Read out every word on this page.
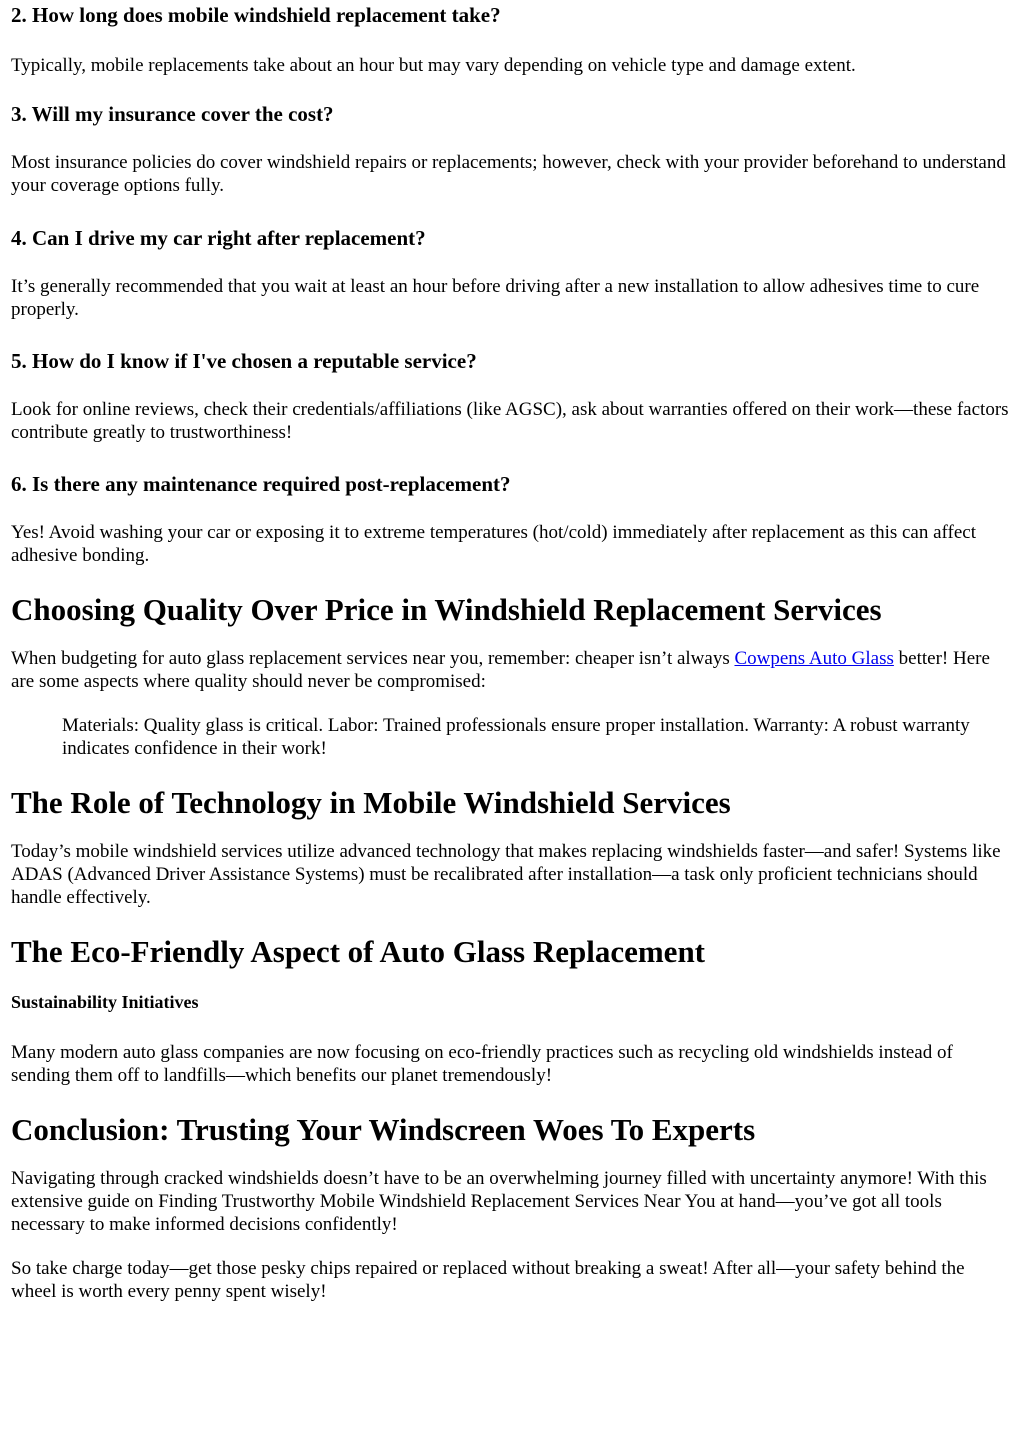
2. How long does mobile windshield replacement take?

Typically, mobile replacements take about an hour but may vary depending on vehicle type and damage extent.

3. Will my insurance cover the cost?

Most insurance policies do cover windshield repairs or replacements; however, check with your provider beforehand to understand your coverage options fully.

4. Can I drive my car right after replacement?

It’s generally recommended that you wait at least an hour before driving after a new installation to allow adhesives time to cure properly.

5. How do I know if I've chosen a reputable service?

Look for online reviews, check their credentials/affiliations (like AGSC), ask about warranties offered on their work—these factors contribute greatly to trustworthiness!

6. Is there any maintenance required post-replacement?

Yes! Avoid washing your car or exposing it to extreme temperatures (hot/cold) immediately after replacement as this can affect adhesive bonding.

Choosing Quality Over Price in Windshield Replacement Services

When budgeting for auto glass replacement services near you, remember: cheaper isn’t always Cowpens Auto Glass better! Here are some aspects where quality should never be compromised:

Materials: Quality glass is critical. Labor: Trained professionals ensure proper installation. Warranty: A robust warranty indicates confidence in their work!

The Role of Technology in Mobile Windshield Services

Today’s mobile windshield services utilize advanced technology that makes replacing windshields faster—and safer! Systems like ADAS (Advanced Driver Assistance Systems) must be recalibrated after installation—a task only proficient technicians should handle effectively.

The Eco-Friendly Aspect of Auto Glass Replacement
Sustainability Initiatives

Many modern auto glass companies are now focusing on eco-friendly practices such as recycling old windshields instead of sending them off to landfills—which benefits our planet tremendously!

Conclusion: Trusting Your Windscreen Woes To Experts

Navigating through cracked windshields doesn’t have to be an overwhelming journey filled with uncertainty anymore! With this extensive guide on Finding Trustworthy Mobile Windshield Replacement Services Near You at hand—you’ve got all tools necessary to make informed decisions confidently!

So take charge today—get those pesky chips repaired or replaced without breaking a sweat! After all—your safety behind the wheel is worth every penny spent wisely!
